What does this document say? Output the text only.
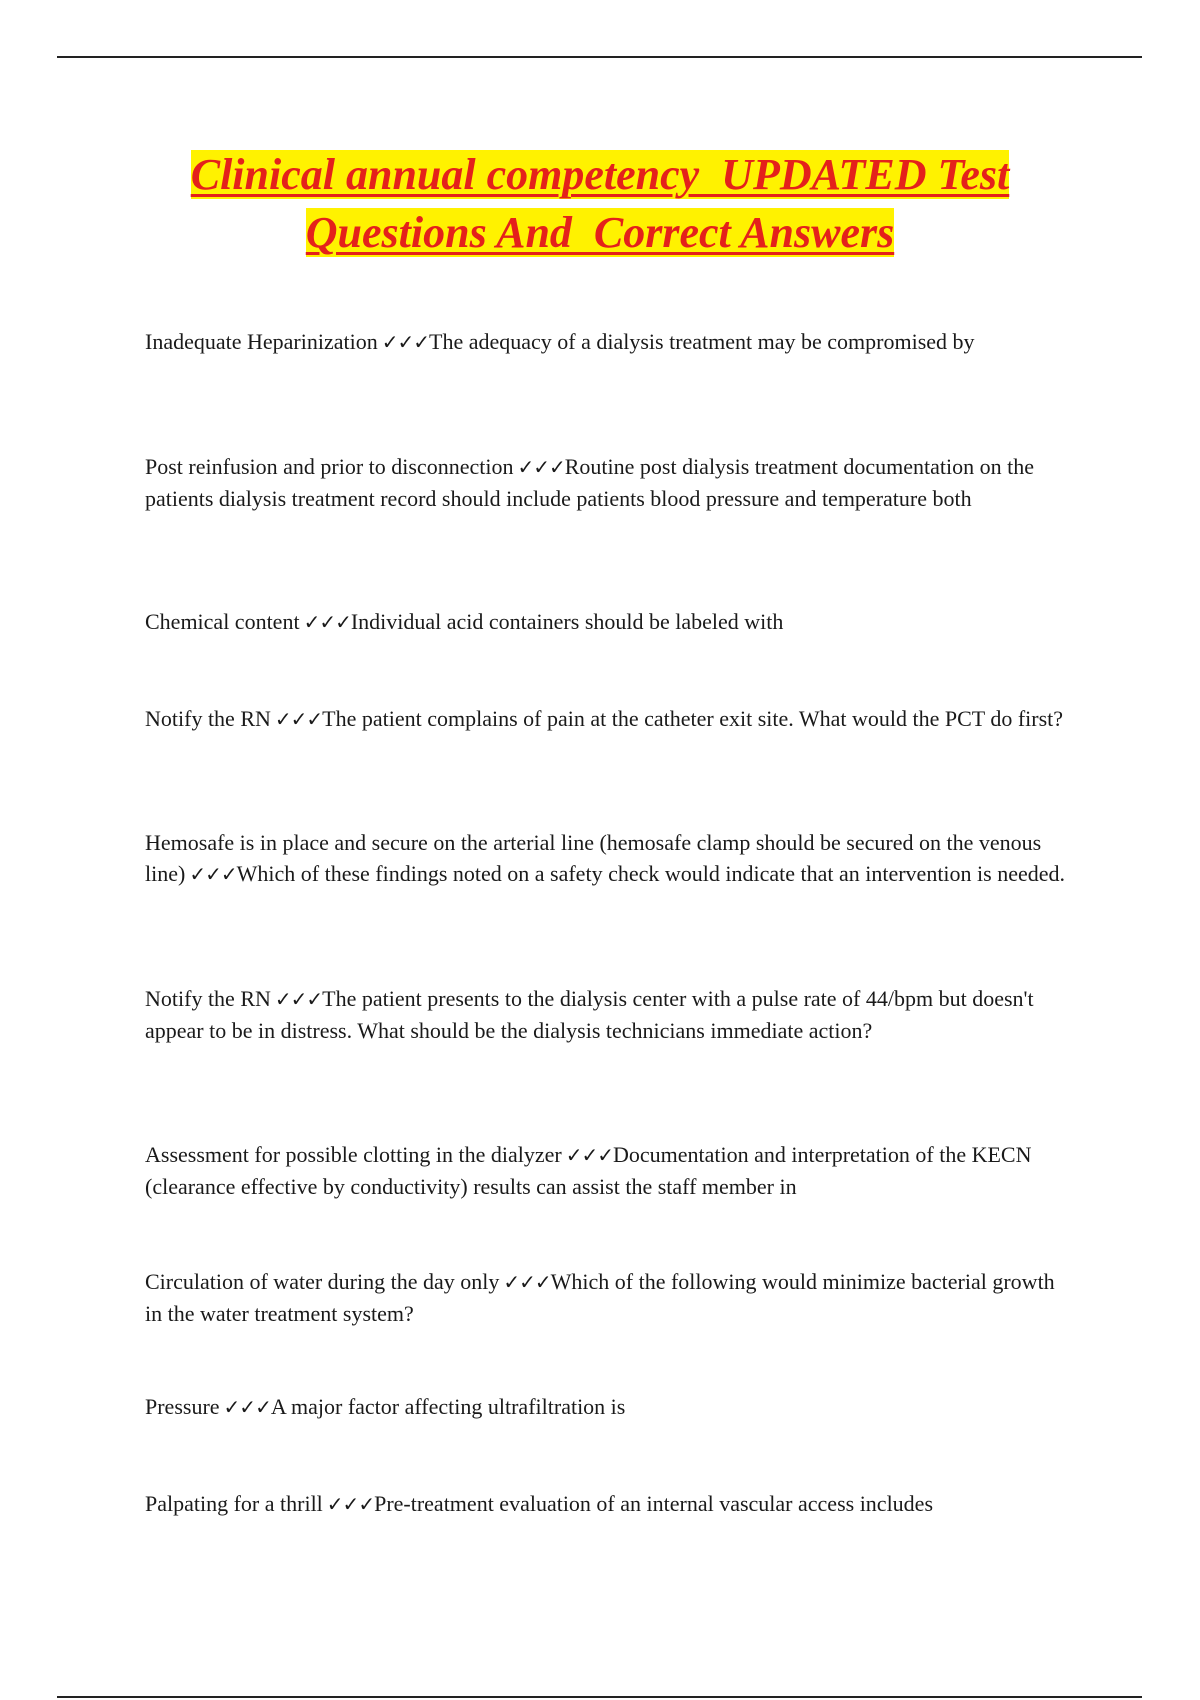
Clinical annual competency  UPDATED Test
Questions And  Correct Answers

Inadequate Heparinization ✓✓✓The adequacy of a dialysis treatment may be compromised by

Post reinfusion and prior to disconnection ✓✓✓Routine post dialysis treatment documentation on the patients dialysis treatment record should include patients blood pressure and temperature both

Chemical content ✓✓✓Individual acid containers should be labeled with

Notify the RN ✓✓✓The patient complains of pain at the catheter exit site. What would the PCT do first?

Hemosafe is in place and secure on the arterial line (hemosafe clamp should be secured on the venous line) ✓✓✓Which of these findings noted on a safety check would indicate that an intervention is needed.

Notify the RN ✓✓✓The patient presents to the dialysis center with a pulse rate of 44/bpm but doesn't appear to be in distress. What should be the dialysis technicians immediate action?

Assessment for possible clotting in the dialyzer ✓✓✓Documentation and interpretation of the KECN (clearance effective by conductivity) results can assist the staff member in

Circulation of water during the day only ✓✓✓Which of the following would minimize bacterial growth in the water treatment system?

Pressure ✓✓✓A major factor affecting ultrafiltration is

Palpating for a thrill ✓✓✓Pre-treatment evaluation of an internal vascular access includes
